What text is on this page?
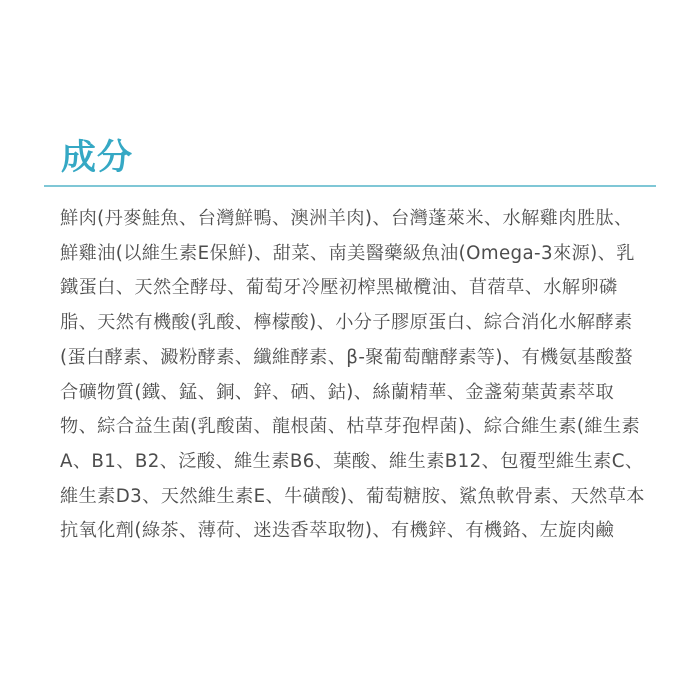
成分

鮮肉(丹麥鮭魚、台灣鮮鴨、澳洲羊肉)、台灣蓬萊米、水解雞肉胜肽、鮮雞油(以維生素E保鮮)、甜菜、南美醫藥級魚油(Omega-3來源)、乳鐵蛋白、天然全酵母、葡萄牙冷壓初榨黑橄欖油、苜蓿草、水解卵磷脂、天然有機酸(乳酸、檸檬酸)、小分子膠原蛋白、綜合消化水解酵素(蛋白酵素、澱粉酵素、纖維酵素、β-聚葡萄醣酵素等)、有機氨基酸螯合礦物質(鐵、錳、銅、鋅、硒、鈷)、絲蘭精華、金盞菊葉黃素萃取物、綜合益生菌(乳酸菌、龍根菌、枯草芽孢桿菌)、綜合維生素(維生素A、B1、B2、泛酸、維生素B6、葉酸、維生素B12、包覆型維生素C、維生素D3、天然維生素E、牛磺酸)、葡萄糖胺、鯊魚軟骨素、天然草本抗氧化劑(綠茶、薄荷、迷迭香萃取物)、有機鋅、有機鉻、左旋肉鹼
